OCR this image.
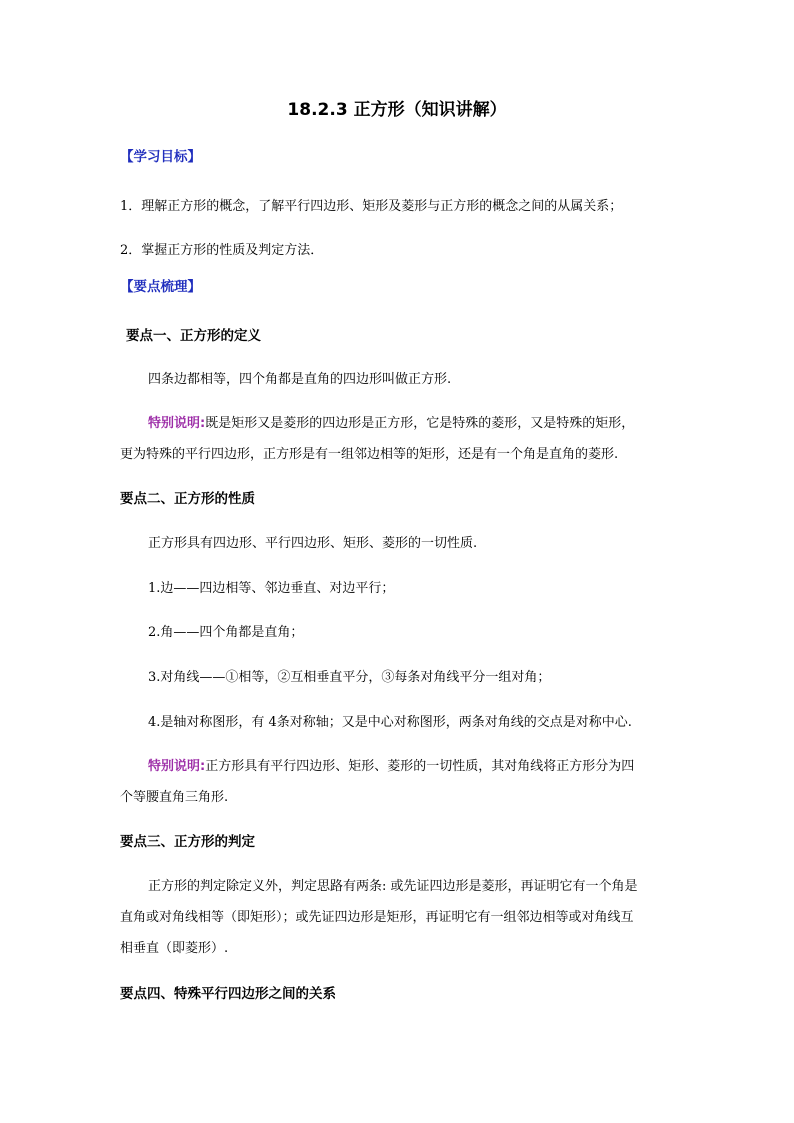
18.2.3 正方形（知识讲解）
【学习目标】
1．理解正方形的概念，了解平行四边形、矩形及菱形与正方形的概念之间的从属关系；
2．掌握正方形的性质及判定方法．
【要点梳理】
要点一、正方形的定义
四条边都相等，四个角都是直角的四边形叫做正方形.
特别说明:既是矩形又是菱形的四边形是正方形，它是特殊的菱形，又是特殊的矩形，
更为特殊的平行四边形，正方形是有一组邻边相等的矩形，还是有一个角是直角的菱形.
要点二、正方形的性质
正方形具有四边形、平行四边形、矩形、菱形的一切性质.
1.边——四边相等、邻边垂直、对边平行；
2.角——四个角都是直角；
3.对角线——①相等，②互相垂直平分，③每条对角线平分一组对角；
4.是轴对称图形，有 4条对称轴；又是中心对称图形，两条对角线的交点是对称中心.
特别说明:正方形具有平行四边形、矩形、菱形的一切性质，其对角线将正方形分为四
个等腰直角三角形.
要点三、正方形的判定
正方形的判定除定义外，判定思路有两条: 或先证四边形是菱形，再证明它有一个角是
直角或对角线相等（即矩形）；或先证四边形是矩形，再证明它有一组邻边相等或对角线互
相垂直（即菱形）.
要点四、特殊平行四边形之间的关系
